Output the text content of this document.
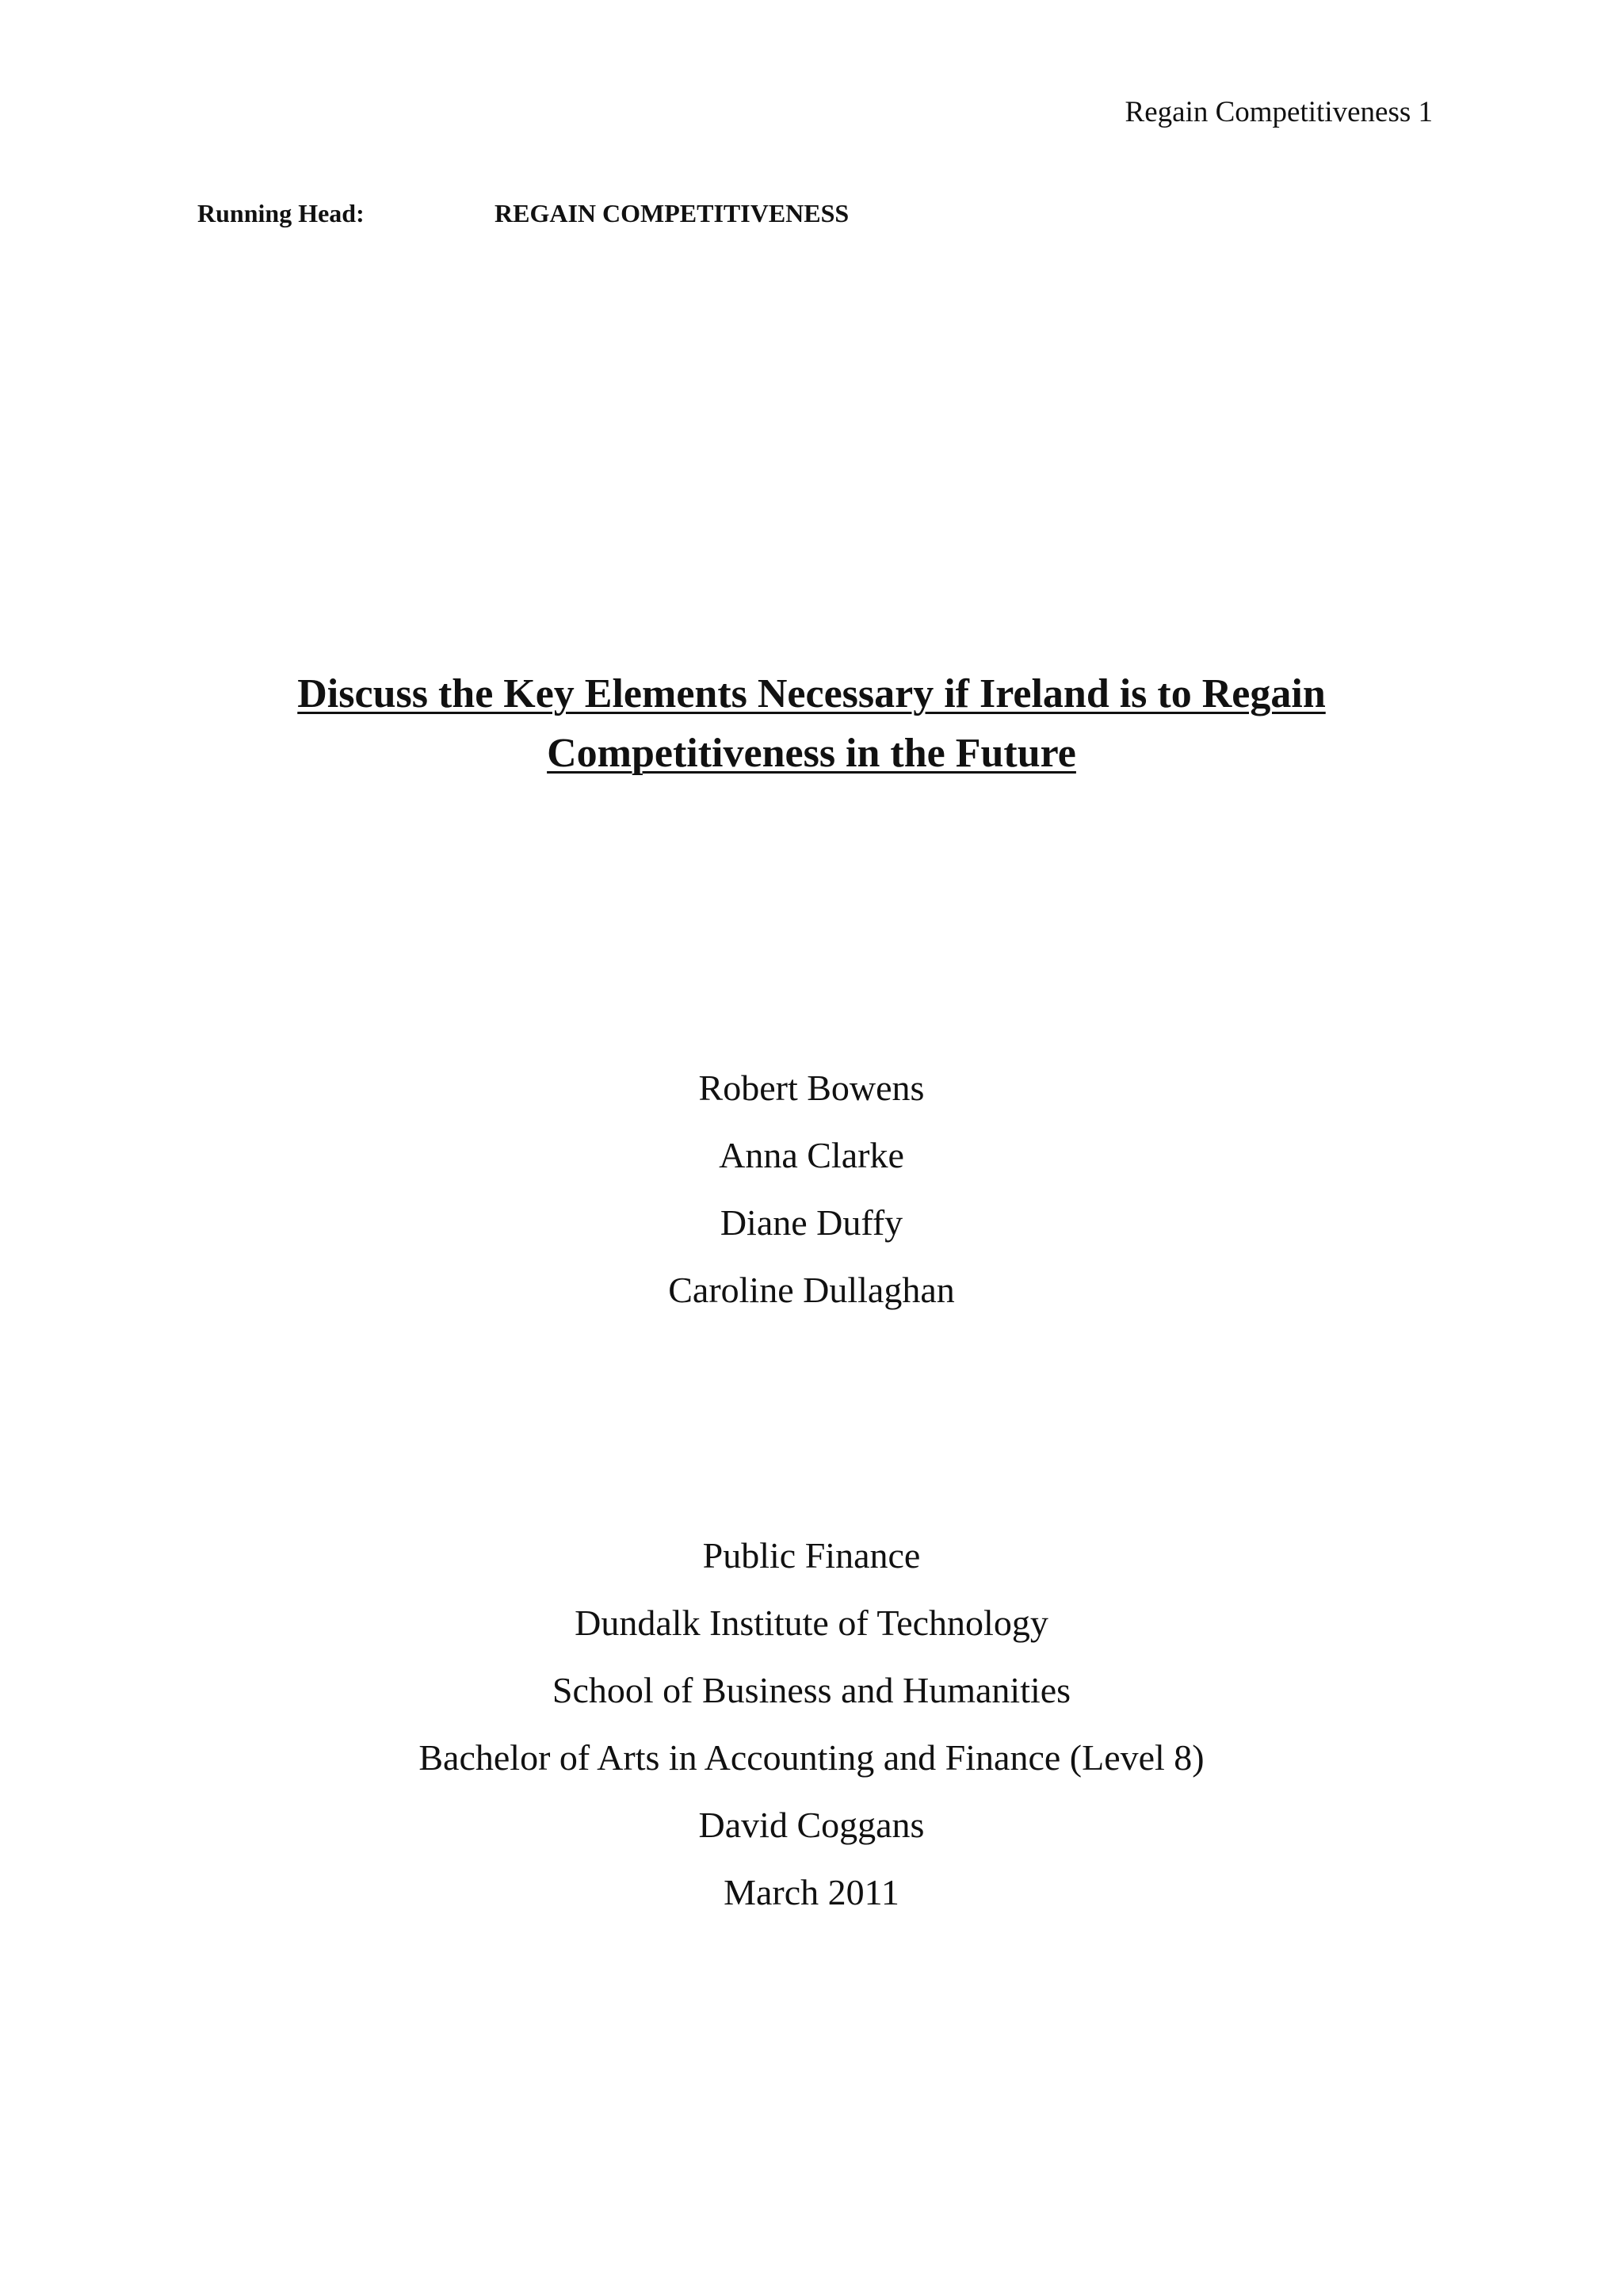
Regain Competitiveness 1
Running Head:	REGAIN COMPETITIVENESS
Discuss the Key Elements Necessary if Ireland is to Regain
Competitiveness in the Future
Robert Bowens
Anna Clarke
Diane Duffy
Caroline Dullaghan
Public Finance
Dundalk Institute of Technology
School of Business and Humanities
Bachelor of Arts in Accounting and Finance (Level 8)
David Coggans
March 2011
